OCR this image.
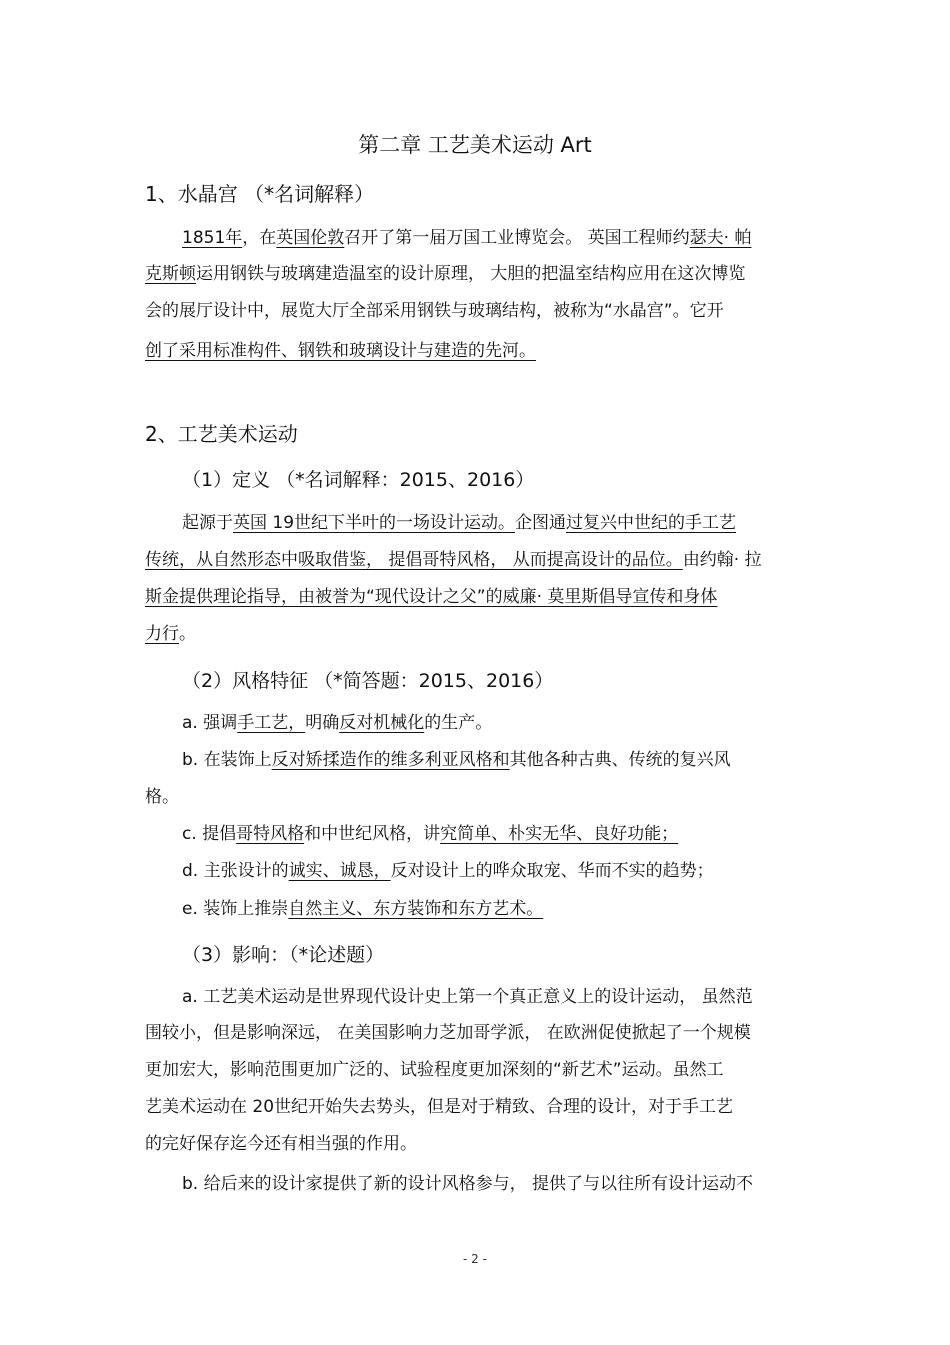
第二章 工艺美术运动 Art
1、水晶宫 （*名词解释）
1851年，在英国伦敦召开了第一届万国工业博览会。 英国工程师约瑟夫· 帕
克斯顿运用钢铁与玻璃建造温室的设计原理， 大胆的把温室结构应用在这次博览
会的展厅设计中，展览大厅全部采用钢铁与玻璃结构，被称为“水晶宫”。它开
创了采用标准构件、钢铁和玻璃设计与建造的先河。
2、工艺美术运动
（1）定义 （*名词解释：2015、2016）
起源于英国 19世纪下半叶的一场设计运动。企图通过复兴中世纪的手工艺
传统，从自然形态中吸取借鉴， 提倡哥特风格， 从而提高设计的品位。由约翰· 拉
斯金提供理论指导，由被誉为“现代设计之父”的威廉· 莫里斯倡导宣传和身体
力行。
（2）风格特征 （*简答题：2015、2016）
a. 强调手工艺，明确反对机械化的生产。
b. 在装饰上反对矫揉造作的维多利亚风格和其他各种古典、传统的复兴风
格。
c. 提倡哥特风格和中世纪风格，讲究简单、朴实无华、良好功能；
d. 主张设计的诚实、诚恳，反对设计上的哗众取宠、华而不实的趋势；
e. 装饰上推崇自然主义、东方装饰和东方艺术。
（3）影响：（*论述题）
a. 工艺美术运动是世界现代设计史上第一个真正意义上的设计运动， 虽然范
围较小，但是影响深远， 在美国影响力芝加哥学派， 在欧洲促使掀起了一个规模
更加宏大，影响范围更加广泛的、试验程度更加深刻的“新艺术”运动。虽然工
艺美术运动在 20世纪开始失去势头，但是对于精致、合理的设计，对于手工艺
的完好保存迄今还有相当强的作用。
b. 给后来的设计家提供了新的设计风格参与， 提供了与以往所有设计运动不
- 2 -
